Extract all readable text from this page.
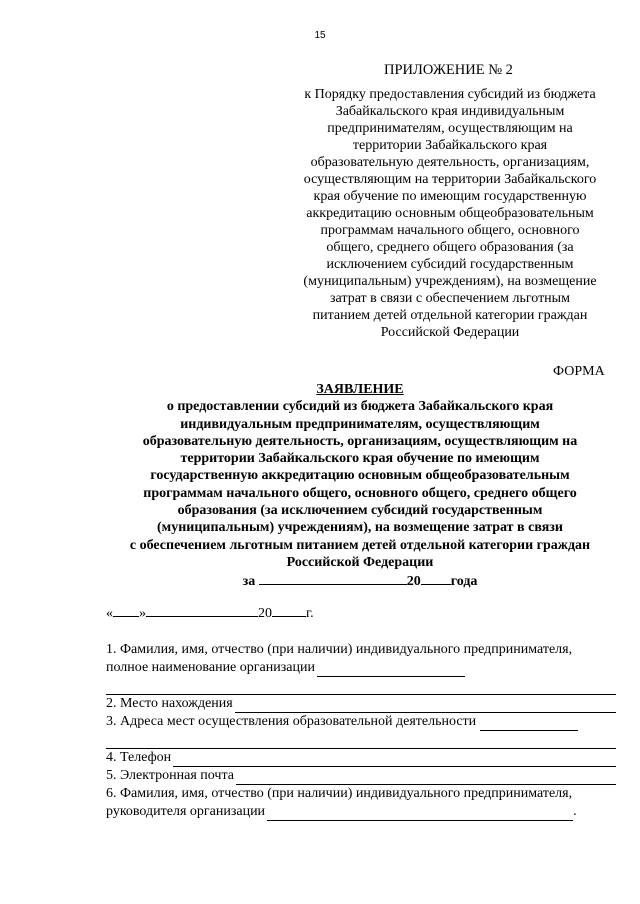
15
ПРИЛОЖЕНИЕ № 2
к Порядку предоставления субсидий из бюджета
Забайкальского края индивидуальным
предпринимателям, осуществляющим на
территории Забайкальского края
образовательную деятельность, организациям,
осуществляющим на территории Забайкальского
края обучение по имеющим государственную
аккредитацию основным общеобразовательным
программам начального общего, основного
общего, среднего общего образования (за
исключением субсидий государственным
(муниципальным) учреждениям), на возмещение
затрат в связи с обеспечением льготным
питанием детей отдельной категории граждан
Российской Федерации
ФОРМА
ЗАЯВЛЕНИЕ
о предоставлении субсидий из бюджета Забайкальского края
индивидуальным предпринимателям, осуществляющим
образовательную деятельность, организациям, осуществляющим на
территории Забайкальского края обучение по имеющим
государственную аккредитацию основным общеобразовательным
программам начального общего, основного общего, среднего общего
образования (за исключением субсидий государственным
(муниципальным) учреждениям), на возмещение затрат в связи
с обеспечением льготным питанием детей отдельной категории граждан
Российской Федерации
за	20 года
« »	20 г.
1. Фамилия, имя, отчество (при наличии) индивидуального предпринимателя,
полное наименование организации
2. Место нахождения
3. Адреса мест осуществления образовательной деятельности
4. Телефон
5. Электронная почта
6. Фамилия, имя, отчество (при наличии) индивидуального предпринимателя,
руководителя организации	.
